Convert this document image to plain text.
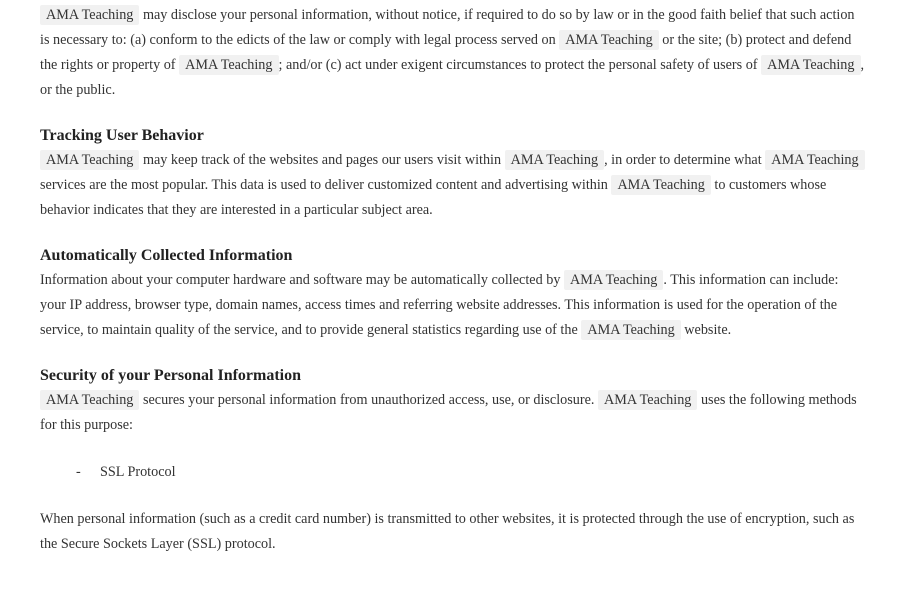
AMA Teaching may disclose your personal information, without notice, if required to do so by law or in the good faith belief that such action is necessary to: (a) conform to the edicts of the law or comply with legal process served on AMA Teaching or the site; (b) protect and defend the rights or property of AMA Teaching ; and/or (c) act under exigent circumstances to protect the personal safety of users of AMA Teaching , or the public.

Tracking User Behavior

AMA Teaching may keep track of the websites and pages our users visit within AMA Teaching , in order to determine what AMA Teaching services are the most popular. This data is used to deliver customized content and advertising within AMA Teaching to customers whose behavior indicates that they are interested in a particular subject area.

Automatically Collected Information

Information about your computer hardware and software may be automatically collected by AMA Teaching . This information can include: your IP address, browser type, domain names, access times and referring website addresses. This information is used for the operation of the service, to maintain quality of the service, and to provide general statistics regarding use of the AMA Teaching website.

Security of your Personal Information

AMA Teaching secures your personal information from unauthorized access, use, or disclosure. AMA Teaching uses the following methods for this purpose:

- SSL Protocol

When personal information (such as a credit card number) is transmitted to other websites, it is protected through the use of encryption, such as the Secure Sockets Layer (SSL) protocol.
